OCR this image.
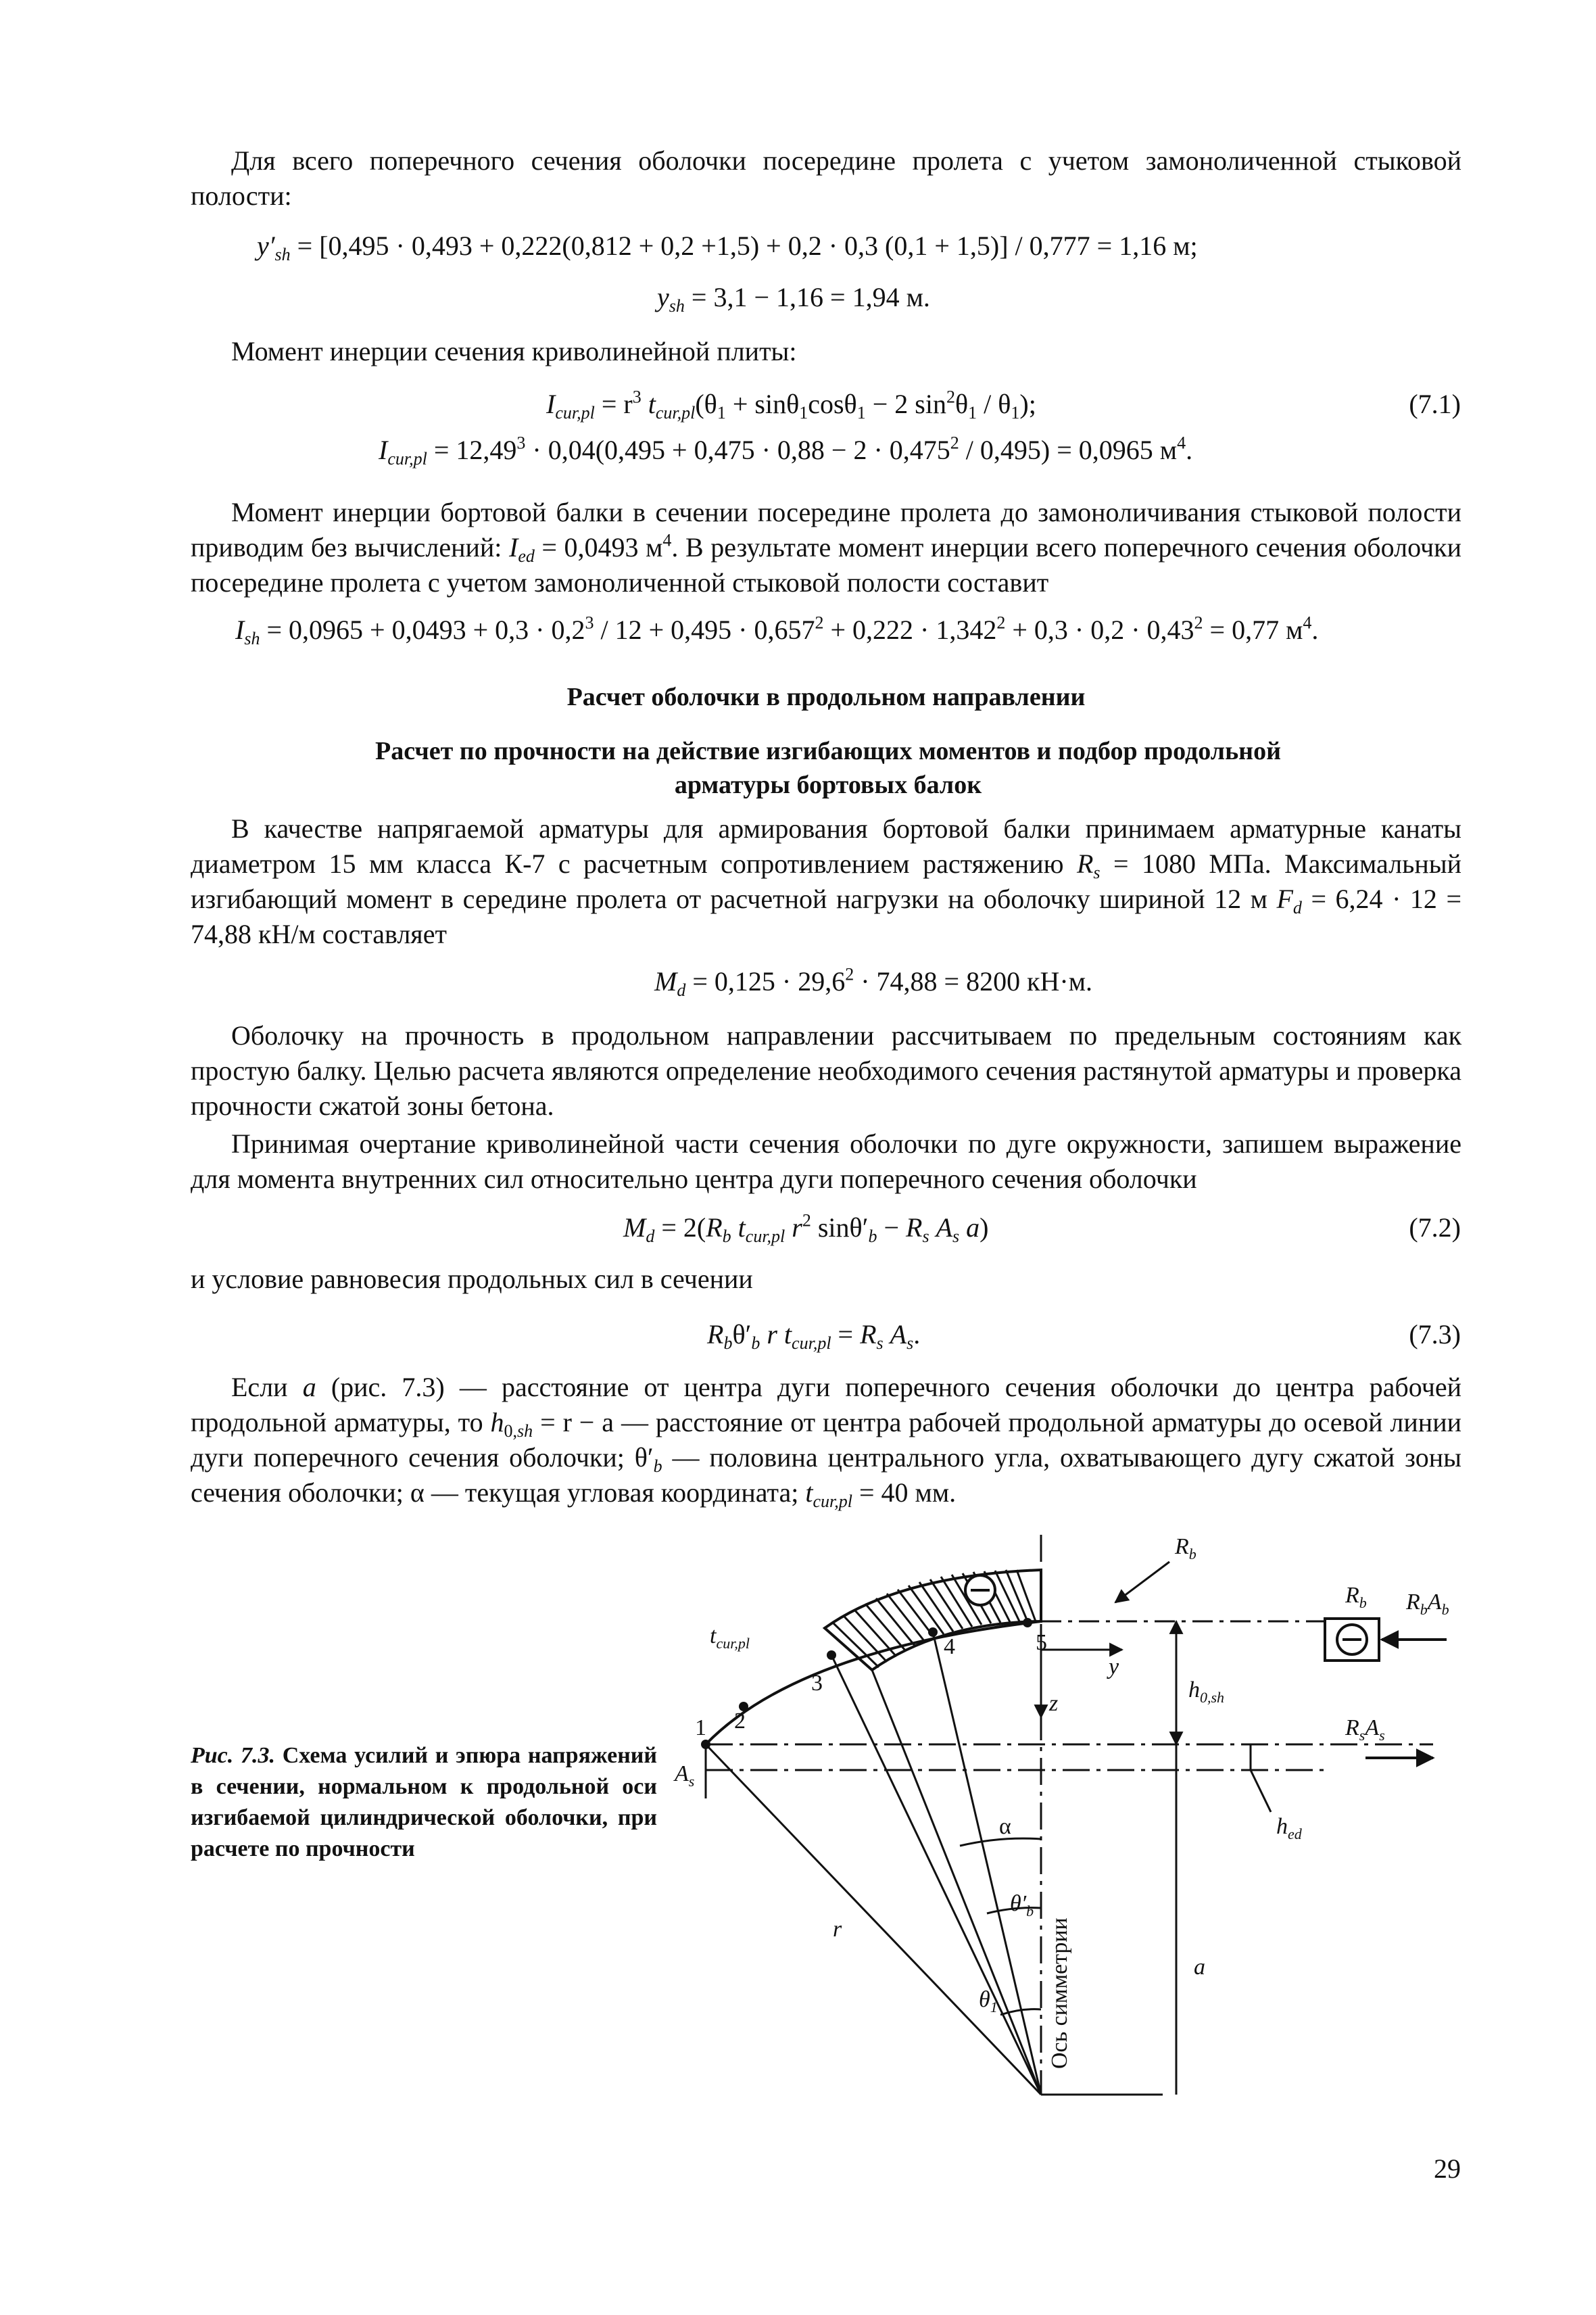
Для всего поперечного сечения оболочки посередине пролета с учетом замоноличенной стыковой полости:
$y'_{sh} = [0,495 \cdot 0,493 + 0,222(0,812 + 0,2 +1,5) + 0,2 \cdot 0,3$ (0,1 + 1,5)] / 0,777 = 1,16 м;
$y_{sh} = 3,1 - 1,16 = 1,94$ м.
Момент инерции сечения криволинейной плиты:
$I_{cur,pl} = r^3$ $t_{cur,pl}(\theta_1 + \sin\theta_1\cos\theta_1 - 2$ $\sin^2\theta_1 / \theta_1$);	(7.1)
$I_{cur,pl} = 12,49^3 \cdot 0,04(0,495 + 0,475 \cdot 0,88 - 2 \cdot 0,475^2 / 0,495) = 0,0965$ $м^4$.
Момент инерции бортовой балки в сечении посередине пролета до замоноличивания стыковой полости приводим без вычислений: $I_{ed} = 0,0493$ $м^4$. В результате момент инерции всего поперечного сечения оболочки посередине пролета с учетом замоноличенной стыковой полости составит
$I_{sh} = 0,0965 + 0,0493 + 0,3 \cdot 0,2^3 / 12 + 0,495 \cdot 0,657^2 + 0,222 \cdot 1,342^2 + 0,3 \cdot 0,2 \cdot 0,43^2 = 0,77$ $м^4$.
Расчет оболочки в продольном направлении
Расчет по прочности на действие изгибающих моментов и подбор продольной арматуры бортовых балок
В качестве напрягаемой арматуры для армирования бортовой балки принимаем арматурные канаты диаметром 15 мм класса К-7 с расчетным сопротивлением растяжению $R_s = 1080$ МПа. Максимальный изгибающий момент в середине пролета от расчетной нагрузки на оболочку шириной 12 м $F_d = 6,24 \cdot 12 = 74,88$ кН/м составляет
$M_d = 0,125 \cdot 29,6^2 \cdot 74,88 = 8200$ кН·м.
Оболочку на прочность в продольном направлении рассчитываем по предельным состояниям как простую балку. Целью расчета являются определение необходимого сечения растянутой арматуры и проверка прочности сжатой зоны бетона.
Принимая очертание криволинейной части сечения оболочки по дуге окружности, запишем выражение для момента внутренних сил относительно центра дуги поперечного сечения оболочки
$M_d = 2(R_b$ $t_{cur,pl}$ $r^2$ $\sin\theta'_b - R_s$ $A_s$ a)	(7.2)
и условие равновесия продольных сил в сечении
$R_b\theta'_b$ r $t_{cur,pl} = R_s$ $A_s$.	(7.3)
Если a (рис. 7.3) — расстояние от центра дуги поперечного сечения оболочки до центра рабочей продольной арматуры, то $h_{0,sh} = r - a$ — расстояние от центра рабочей продольной арматуры до осевой линии дуги поперечного сечения оболочки; $\theta'_b$ — половина центрального угла, охватывающего дугу сжатой зоны сечения оболочки; α — текущая угловая координата; $t_{cur,pl} = 40$ мм.
Рис. 7.3. Схема усилий и эпюра напряжений в сечении, нормальном к продольной оси изгибаемой цилиндрической оболочки, при расчете по прочности
$t_{cur,pl}$
$R_b$
$R_b$ $R_bA_b$
y
z
$h_{0,sh}$
$R_sA_s$
$A_s$
$h_{ed}$
α
$\theta'_b$
$\theta_1$
a
r
1 2
3
4	5
Ось симметрии
29
